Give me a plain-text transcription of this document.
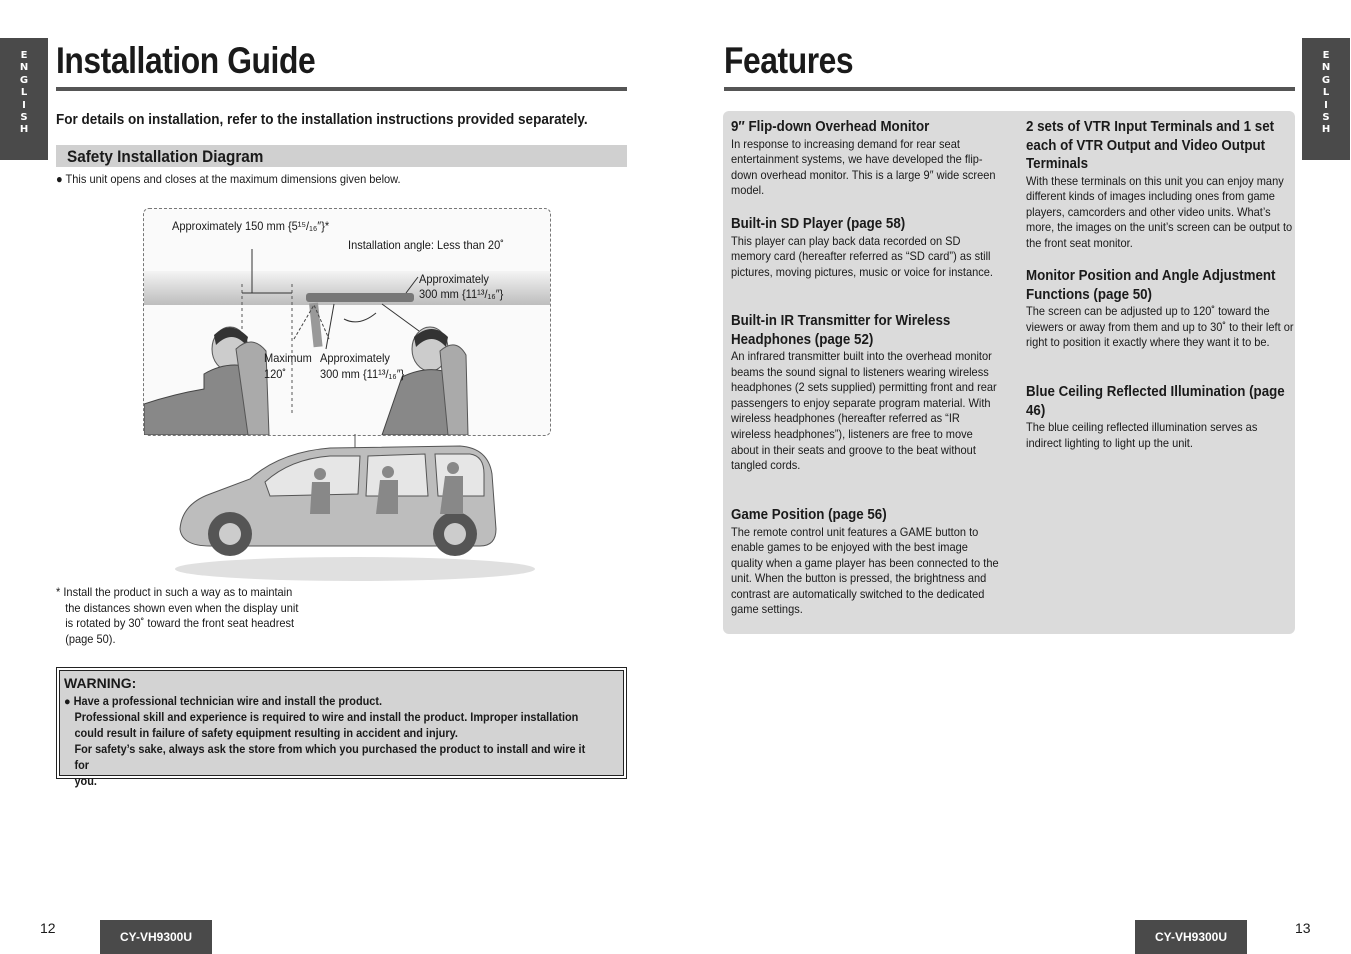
E
N
G
L
I
S
H
E
N
G
L
I
S
H
Installation Guide
For details on installation, refer to the installation instructions provided separately.
Safety Installation Diagram
● This unit opens and closes at the maximum dimensions given below.
Approximately 150 mm {5¹⁵/₁₆″}*
Installation angle: Less than 20˚
Approximately
300 mm {11¹³/₁₆″}
Maximum
120˚
Approximately
300 mm {11¹³/₁₆″}
* Install the product in such a way as to maintain
the distances shown even when the display unit
is rotated by 30˚ toward the front seat headrest
(page 50).
WARNING:
● Have a professional technician wire and install the product.
Professional skill and experience is required to wire and install the product. Improper installation
could result in failure of safety equipment resulting in accident and injury.
For safety’s sake, always ask the store from which you purchased the product to install and wire it for
you.
12
CY-VH9300U
Features
9″ Flip-down Overhead Monitor

In response to increasing demand for rear seat entertainment systems, we have developed the flip-down overhead monitor. This is a large 9″ wide screen model.

Built-in SD Player (page 58)

This player can play back data recorded on SD memory card (hereafter referred as “SD card”) as still pictures, moving pictures, music or voice for instance.

Built-in IR Transmitter for Wireless Headphones (page 52)

An infrared transmitter built into the overhead monitor beams the sound signal to listeners wearing wireless headphones (2 sets supplied) permitting front and rear passengers to enjoy separate program material. With wireless headphones (hereafter referred as “IR wireless headphones”), listeners are free to move about in their seats and groove to the beat without tangled cords.

Game Position (page 56)

The remote control unit features a GAME button to enable games to be enjoyed with the best image quality when a game player has been connected to the unit. When the button is pressed, the brightness and contrast are automatically switched to the dedicated game settings.

2 sets of VTR Input Terminals and 1 set each of VTR Output and Video Output Terminals

With these terminals on this unit you can enjoy many different kinds of images including ones from game players, camcorders and other video units. What’s more, the images on the unit’s screen can be output to the front seat monitor.

Monitor Position and Angle Adjustment Functions (page 50)

The screen can be adjusted up to 120˚ toward the viewers or away from them and up to 30˚ to their left or right to position it exactly where they want it to be.

Blue Ceiling Reflected Illumination (page 46)

The blue ceiling reflected illumination serves as indirect lighting to light up the unit.

CY-VH9300U
13
